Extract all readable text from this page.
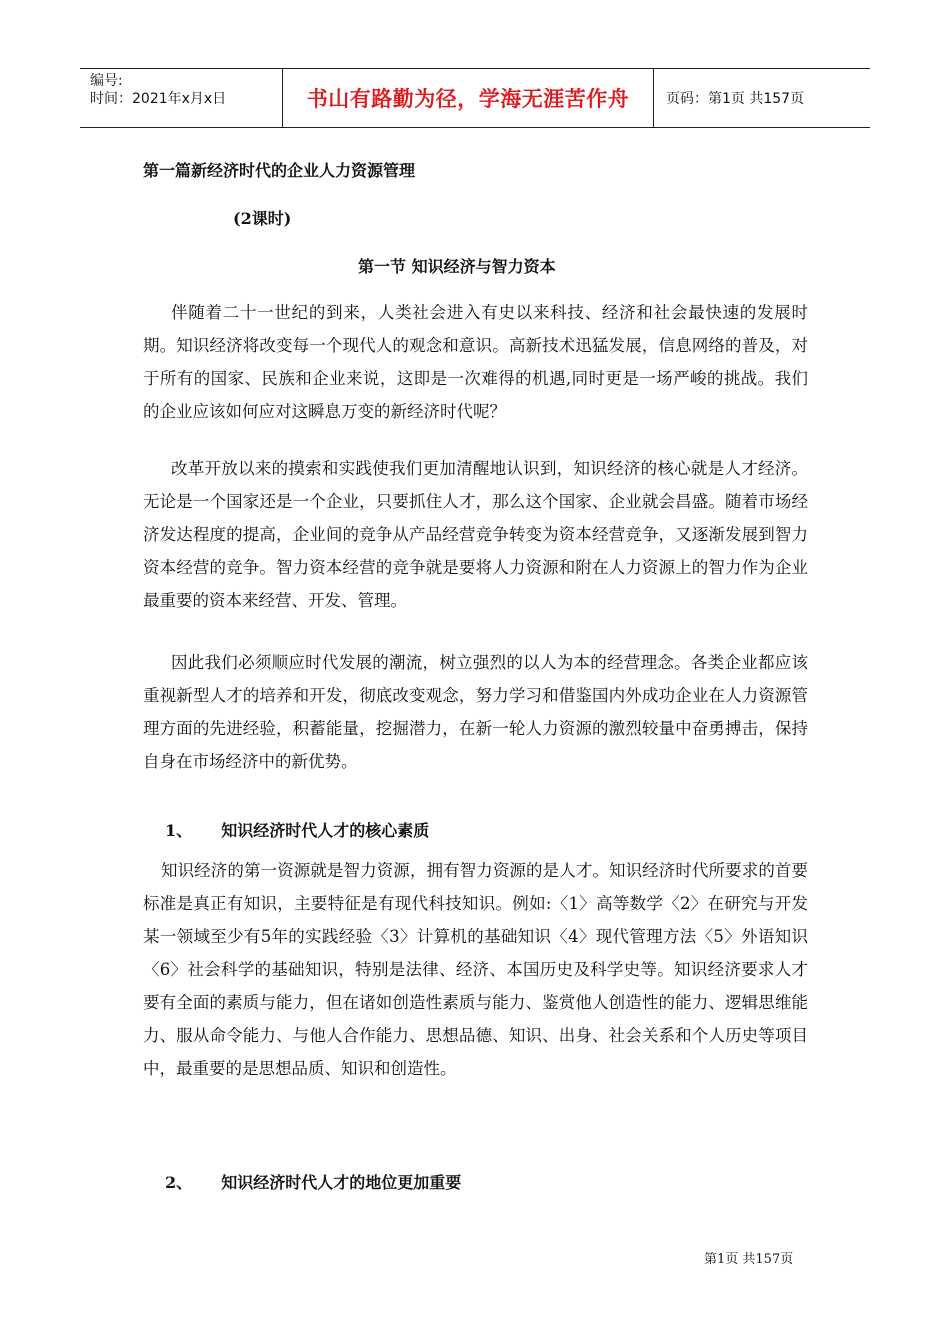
编号:
时间：2021年x月x日	书山有路勤为径，学海无涯苦作舟	页码：第1页 共157页

第一篇新经济时代的企业人力资源管理

(2课时)

第一节 知识经济与智力资本

伴随着二十一世纪的到来，人类社会进入有史以来科技、经济和社会最快速的发展时期。知识经济将改变每一个现代人的观念和意识。高新技术迅猛发展，信息网络的普及，对于所有的国家、民族和企业来说，这即是一次难得的机遇,同时更是一场严峻的挑战。我们的企业应该如何应对这瞬息万变的新经济时代呢？

改革开放以来的摸索和实践使我们更加清醒地认识到，知识经济的核心就是人才经济。无论是一个国家还是一个企业，只要抓住人才，那么这个国家、企业就会昌盛。随着市场经济发达程度的提高，企业间的竞争从产品经营竞争转变为资本经营竞争，又逐渐发展到智力资本经营的竞争。智力资本经营的竞争就是要将人力资源和附在人力资源上的智力作为企业最重要的资本来经营、开发、管理。

因此我们必须顺应时代发展的潮流，树立强烈的以人为本的经营理念。各类企业都应该重视新型人才的培养和开发，彻底改变观念，努力学习和借鉴国内外成功企业在人力资源管理方面的先进经验，积蓄能量，挖掘潜力，在新一轮人力资源的激烈较量中奋勇搏击，保持自身在市场经济中的新优势。

1、 知识经济时代人才的核心素质

知识经济的第一资源就是智力资源，拥有智力资源的是人才。知识经济时代所要求的首要标准是真正有知识，主要特征是有现代科技知识。例如:〈1〉高等数学〈2〉在研究与开发某一领域至少有5年的实践经验〈3〉计算机的基础知识〈4〉现代管理方法〈5〉外语知识〈6〉社会科学的基础知识，特别是法律、经济、本国历史及科学史等。知识经济要求人才要有全面的素质与能力，但在诸如创造性素质与能力、鉴赏他人创造性的能力、逻辑思维能力、服从命令能力、与他人合作能力、思想品德、知识、出身、社会关系和个人历史等项目中，最重要的是思想品质、知识和创造性。

2、 知识经济时代人才的地位更加重要

第1页 共157页
